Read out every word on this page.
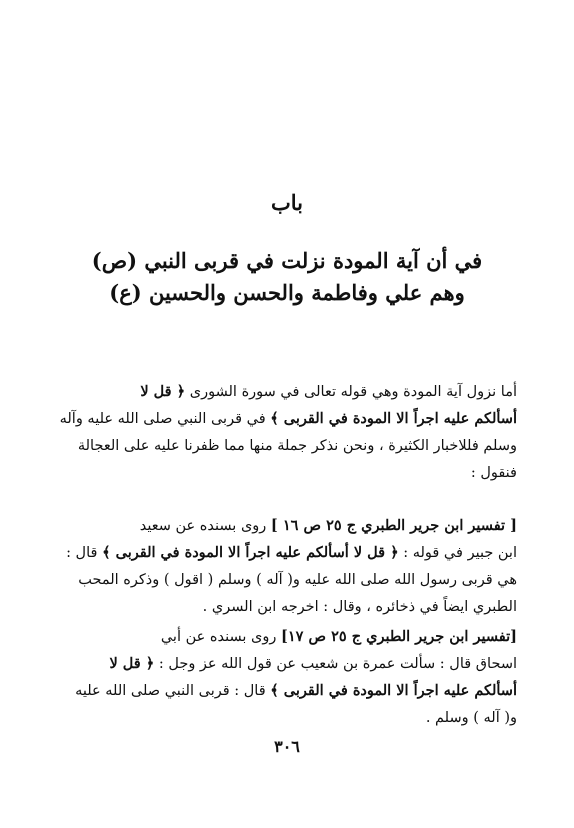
باب
في أن آية المودة نزلت في قربى النبي (ص)
وهم علي وفاطمة والحسن والحسين (ع)
أما نزول آية المودة وهي قوله تعالى في سورة الشورى ﴿ قل لا
أسألكم عليه اجراً الا المودة في القربى ﴾ في قربى النبي صلى الله عليه وآله
وسلم فللاخبار الكثيرة ، ونحن نذكر جملة منها مما ظفرنا عليه على العجالة
فنقول :
[ تفسير ابن جرير الطبري ج ٢٥ ص ١٦ ] روى بسنده عن سعيد
ابن جبير في قوله : ﴿ قل لا أسألكم عليه اجراً الا المودة في القربى ﴾ قال :
هي قربى رسول الله صلى الله عليه و( آله ) وسلم ( اقول ) وذكره المحب
الطبري ايضاً في ذخائره ، وقال : اخرجه ابن السري .
[تفسير ابن جرير الطبري ج ٢٥ ص ١٧] روى بسنده عن أبي
اسحاق قال : سألت عمرة بن شعيب عن قول الله عز وجل : ﴿ قل لا
أسألكم عليه اجراً الا المودة في القربى ﴾ قال : قربى النبي صلى الله عليه
و( آله ) وسلم .
٣٠٦
